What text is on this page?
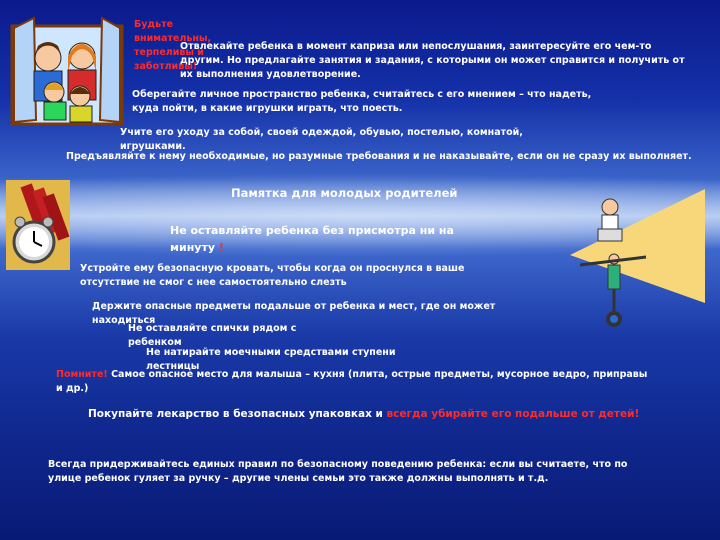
Будьте внимательны, терпеливы и заботливы!

Отвлекайте ребенка в момент каприза или непослушания, заинтересуйте его чем-то другим. Но предлагайте занятия и задания, с которыми он может справится и получить от их выполнения удовлетворение.

Оберегайте личное пространство ребенка, считайтесь с его мнением – что надеть, куда пойти, в какие игрушки играть, что поесть.

Учите его уходу за собой, своей одеждой, обувью, постелью, комнатой, игрушками.

Предъявляйте к нему необходимые, но разумные требования и не наказывайте, если он не сразу их выполняет.

Памятка для молодых родителей

Не оставляйте ребенка без присмотра ни на минуту !

Устройте ему безопасную кровать, чтобы когда он проснулся в ваше отсутствие не смог с нее самостоятельно слезть

Держите опасные предметы подальше от ребенка и мест, где он может находиться

Не оставляйте спички рядом с ребенком

Не натирайте моечными средствами ступени лестницы

Помните! Самое опасное место для малыша – кухня (плита, острые предметы, мусорное ведро, приправы и др.)

Покупайте лекарство в безопасных упаковках и всегда убирайте его подальше от детей!

Всегда придерживайтесь единых правил по безопасному поведению ребенка: если вы считаете, что по улице ребенок гуляет за ручку – другие члены семьи это также должны выполнять и т.д.
